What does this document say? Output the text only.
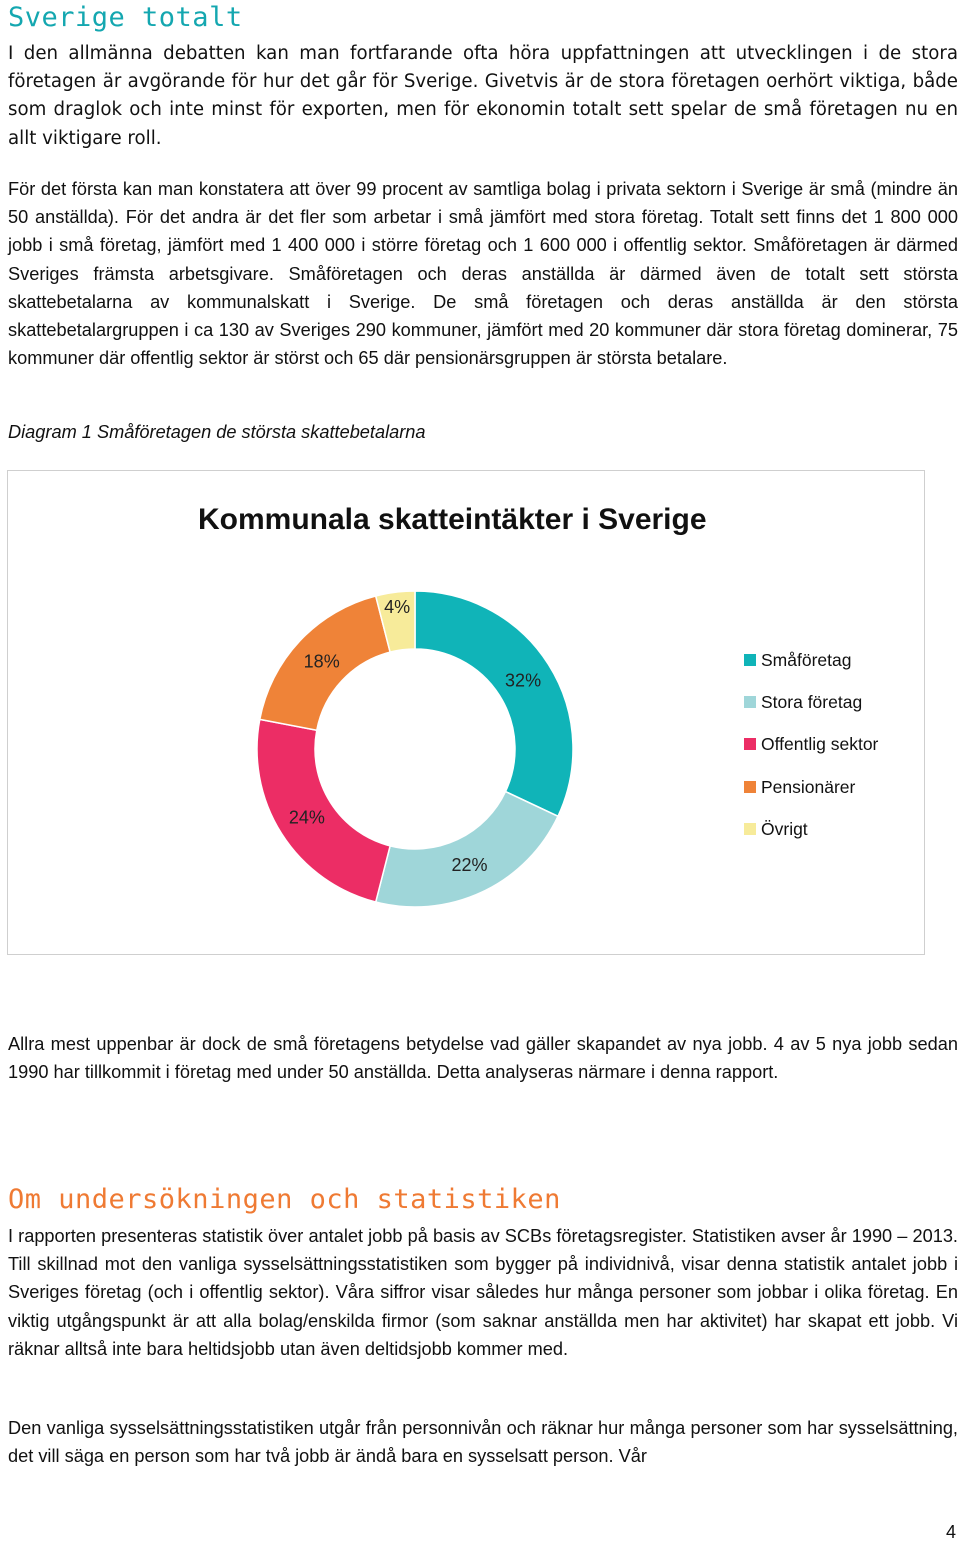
Sverige totalt

I den allmänna debatten kan man fortfarande ofta höra uppfattningen att utvecklingen i de stora företagen är avgörande för hur det går för Sverige. Givetvis är de stora företagen oerhört viktiga, både som draglok och inte minst för exporten, men för ekonomin totalt sett spelar de små företagen nu en allt viktigare roll.

För det första kan man konstatera att över 99 procent av samtliga bolag i privata sektorn i Sverige är små (mindre än 50 anställda). För det andra är det fler som arbetar i små jämfört med stora företag. Totalt sett finns det 1 800 000 jobb i små företag, jämfört med 1 400 000 i större företag och 1 600 000 i offentlig sektor. Småföretagen är därmed Sveriges främsta arbetsgivare. Småföretagen och deras anställda är därmed även de totalt sett största skattebetalarna av kommunalskatt i Sverige. De små företagen och deras anställda är den största skattebetalargruppen i ca 130 av Sveriges 290 kommuner, jämfört med 20 kommuner där stora företag dominerar, 75 kommuner där offentlig sektor är störst och 65 där pensionärsgruppen är största betalare.

Diagram 1 Småföretagen de största skattebetalarna
32%
22%
24%
18%
4%
Kommunala skatteintäkter i Sverige
Småföretag
Stora företag
Offentlig sektor
Pensionärer
Övrigt

Allra mest uppenbar är dock de små företagens betydelse vad gäller skapandet av nya jobb. 4 av 5 nya jobb sedan 1990 har tillkommit i företag med under 50 anställda. Detta analyseras närmare i denna rapport.

Om undersökningen och statistiken

I rapporten presenteras statistik över antalet jobb på basis av SCBs företagsregister. Statistiken avser år 1990 – 2013. Till skillnad mot den vanliga sysselsättningsstatistiken som bygger på individnivå, visar denna statistik antalet jobb i Sveriges företag (och i offentlig sektor). Våra siffror visar således hur många personer som jobbar i olika företag. En viktig utgångspunkt är att alla bolag/enskilda firmor (som saknar anställda men har aktivitet) har skapat ett jobb. Vi räknar alltså inte bara heltidsjobb utan även deltidsjobb kommer med.

Den vanliga sysselsättningsstatistiken utgår från personnivån och räknar hur många personer som har sysselsättning, det vill säga en person som har två jobb är ändå bara en sysselsatt person. Vår

4
